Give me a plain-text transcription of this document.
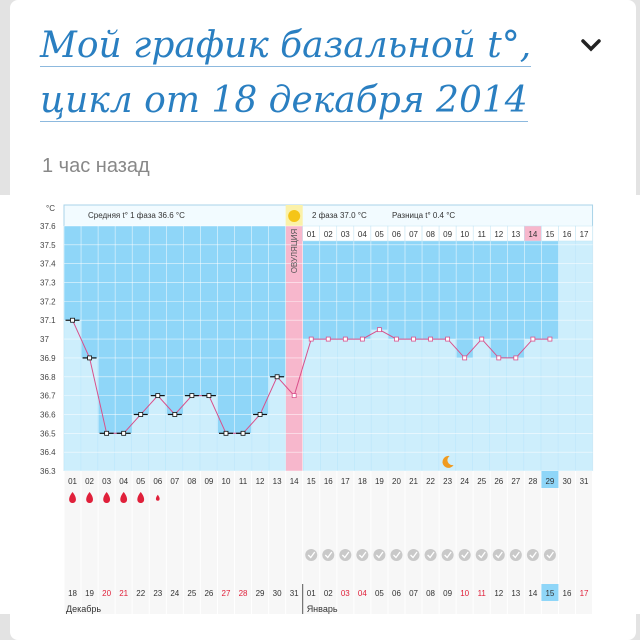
Мой график базальной t°,
цикл от 18 декабря 2014
1 час назад
37.6
37.5
37.4
37.3
37.2
37.1
37
36.9
36.8
36.7
36.6
36.5
36.4
36.3
°C
Средняя t° 1 фаза 36.6 °C	2 фаза 37.0 °C	Разница t° 0.4 °C
01 02 03 04 05 06 07 08 09 10 11 12 13 14 15 16 17
ОВУЛЯЦИЯ
01 02 03 04 05 06 07 08 09 10 11 12 13 14 15 16 17 18 19 20 21 22 23 24 25 26 27 28 29 30 31
18 19 20 21 22 23 24 25 26 27 28 29 30 31 01 02 03 04 05 06 07 08 09 10 11 12 13 14 15 16 17
Декабрь	Январь
